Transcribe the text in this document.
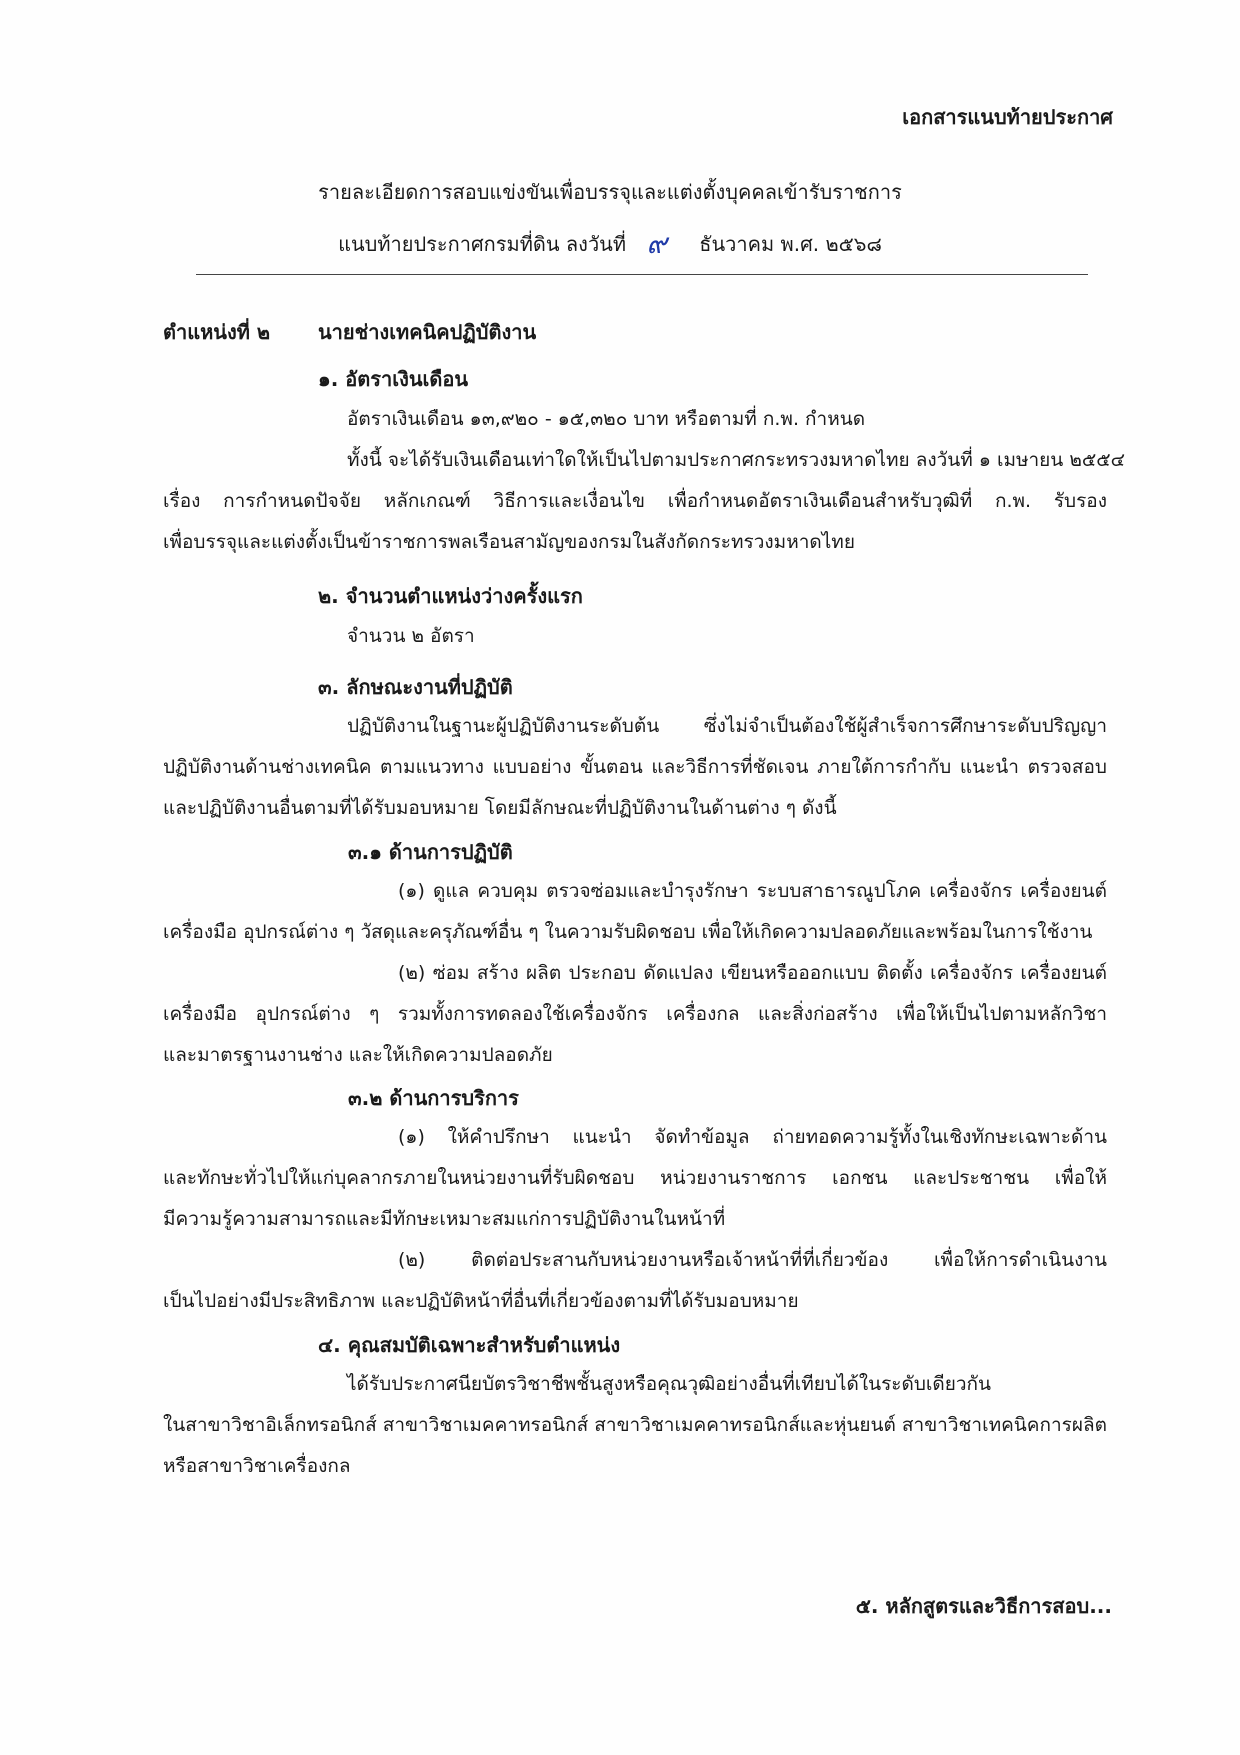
เอกสารแนบท้ายประกาศ
รายละเอียดการสอบแข่งขันเพื่อบรรจุและแต่งตั้งบุคคลเข้ารับราชการ
แนบท้ายประกาศกรมที่ดิน ลงวันที่ ๙ ธันวาคม พ.ศ. ๒๕๖๘
ตำแหน่งที่ ๒ นายช่างเทคนิคปฏิบัติงาน
๑. อัตราเงินเดือน
อัตราเงินเดือน ๑๓,๙๒๐ - ๑๕,๓๒๐ บาท หรือตามที่ ก.พ. กำหนด
ทั้งนี้ จะได้รับเงินเดือนเท่าใดให้เป็นไปตามประกาศกระทรวงมหาดไทย ลงวันที่ ๑ เมษายน ๒๕๕๔
เรื่อง การกำหนดปัจจัย หลักเกณฑ์ วิธีการและเงื่อนไข เพื่อกำหนดอัตราเงินเดือนสำหรับวุฒิที่ ก.พ. รับรอง
เพื่อบรรจุและแต่งตั้งเป็นข้าราชการพลเรือนสามัญของกรมในสังกัดกระทรวงมหาดไทย
๒. จำนวนตำแหน่งว่างครั้งแรก
จำนวน ๒ อัตรา
๓. ลักษณะงานที่ปฏิบัติ
ปฏิบัติงานในฐานะผู้ปฏิบัติงานระดับต้น ซึ่งไม่จำเป็นต้องใช้ผู้สำเร็จการศึกษาระดับปริญญา
ปฏิบัติงานด้านช่างเทคนิค ตามแนวทาง แบบอย่าง ขั้นตอน และวิธีการที่ชัดเจน ภายใต้การกำกับ แนะนำ ตรวจสอบ
และปฏิบัติงานอื่นตามที่ได้รับมอบหมาย โดยมีลักษณะที่ปฏิบัติงานในด้านต่าง ๆ ดังนี้
๓.๑ ด้านการปฏิบัติ
(๑) ดูแล ควบคุม ตรวจซ่อมและบำรุงรักษา ระบบสาธารณูปโภค เครื่องจักร เครื่องยนต์
เครื่องมือ อุปกรณ์ต่าง ๆ วัสดุและครุภัณฑ์อื่น ๆ ในความรับผิดชอบ เพื่อให้เกิดความปลอดภัยและพร้อมในการใช้งาน
(๒) ซ่อม สร้าง ผลิต ประกอบ ดัดแปลง เขียนหรือออกแบบ ติดตั้ง เครื่องจักร เครื่องยนต์
เครื่องมือ อุปกรณ์ต่าง ๆ รวมทั้งการทดลองใช้เครื่องจักร เครื่องกล และสิ่งก่อสร้าง เพื่อให้เป็นไปตามหลักวิชา
และมาตรฐานงานช่าง และให้เกิดความปลอดภัย
๓.๒ ด้านการบริการ
(๑) ให้คำปรึกษา แนะนำ จัดทำข้อมูล ถ่ายทอดความรู้ทั้งในเชิงทักษะเฉพาะด้าน
และทักษะทั่วไปให้แก่บุคลากรภายในหน่วยงานที่รับผิดชอบ หน่วยงานราชการ เอกชน และประชาชน เพื่อให้
มีความรู้ความสามารถและมีทักษะเหมาะสมแก่การปฏิบัติงานในหน้าที่
(๒) ติดต่อประสานกับหน่วยงานหรือเจ้าหน้าที่ที่เกี่ยวข้อง เพื่อให้การดำเนินงาน
เป็นไปอย่างมีประสิทธิภาพ และปฏิบัติหน้าที่อื่นที่เกี่ยวข้องตามที่ได้รับมอบหมาย
๔. คุณสมบัติเฉพาะสำหรับตำแหน่ง
ได้รับประกาศนียบัตรวิชาชีพชั้นสูงหรือคุณวุฒิอย่างอื่นที่เทียบได้ในระดับเดียวกัน
ในสาขาวิชาอิเล็กทรอนิกส์ สาขาวิชาเมคคาทรอนิกส์ สาขาวิชาเมคคาทรอนิกส์และหุ่นยนต์ สาขาวิชาเทคนิคการผลิต
หรือสาขาวิชาเครื่องกล
๕. หลักสูตรและวิธีการสอบ...
